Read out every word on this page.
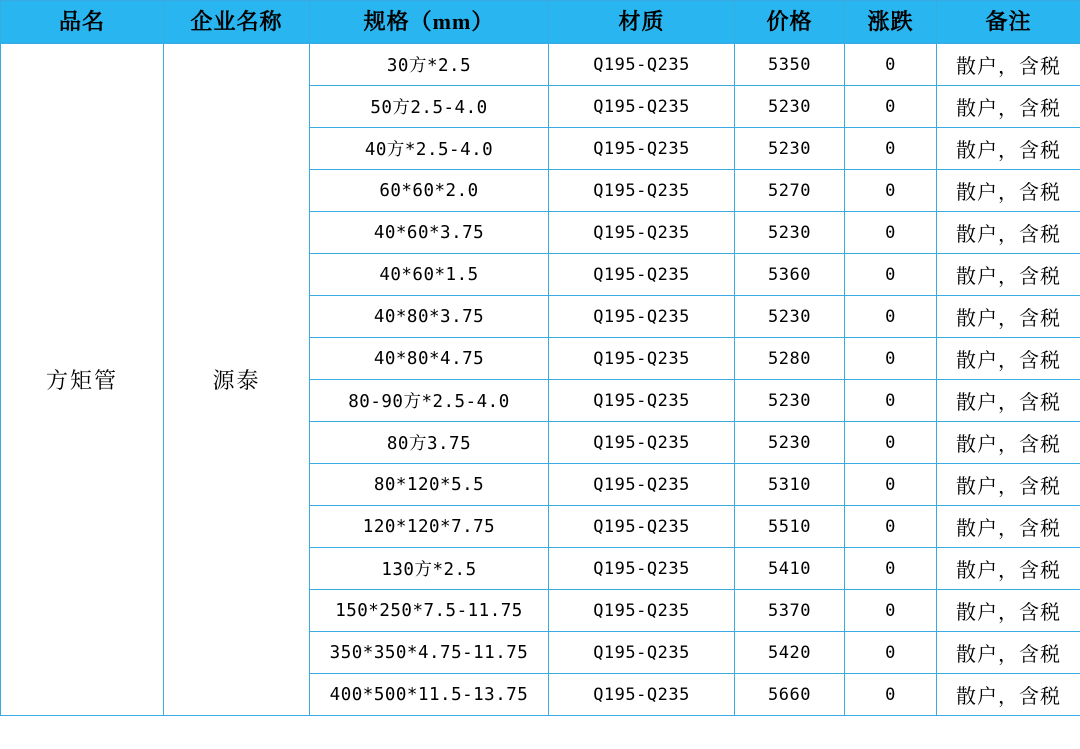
品名	企业名称	规格（mm）	材质	价格	涨跌	备注
方矩管	源泰	30方*2.5	Q195-Q235	5350	0	散户，含税
		50方2.5-4.0	Q195-Q235	5230	0	散户，含税
		40方*2.5-4.0	Q195-Q235	5230	0	散户，含税
		60*60*2.0	Q195-Q235	5270	0	散户，含税
		40*60*3.75	Q195-Q235	5230	0	散户，含税
		40*60*1.5	Q195-Q235	5360	0	散户，含税
		40*80*3.75	Q195-Q235	5230	0	散户，含税
		40*80*4.75	Q195-Q235	5280	0	散户，含税
		80-90方*2.5-4.0	Q195-Q235	5230	0	散户，含税
		80方3.75	Q195-Q235	5230	0	散户，含税
		80*120*5.5	Q195-Q235	5310	0	散户，含税
		120*120*7.75	Q195-Q235	5510	0	散户，含税
		130方*2.5	Q195-Q235	5410	0	散户，含税
		150*250*7.5-11.75	Q195-Q235	5370	0	散户，含税
		350*350*4.75-11.75	Q195-Q235	5420	0	散户，含税
		400*500*11.5-13.75	Q195-Q235	5660	0	散户，含税
